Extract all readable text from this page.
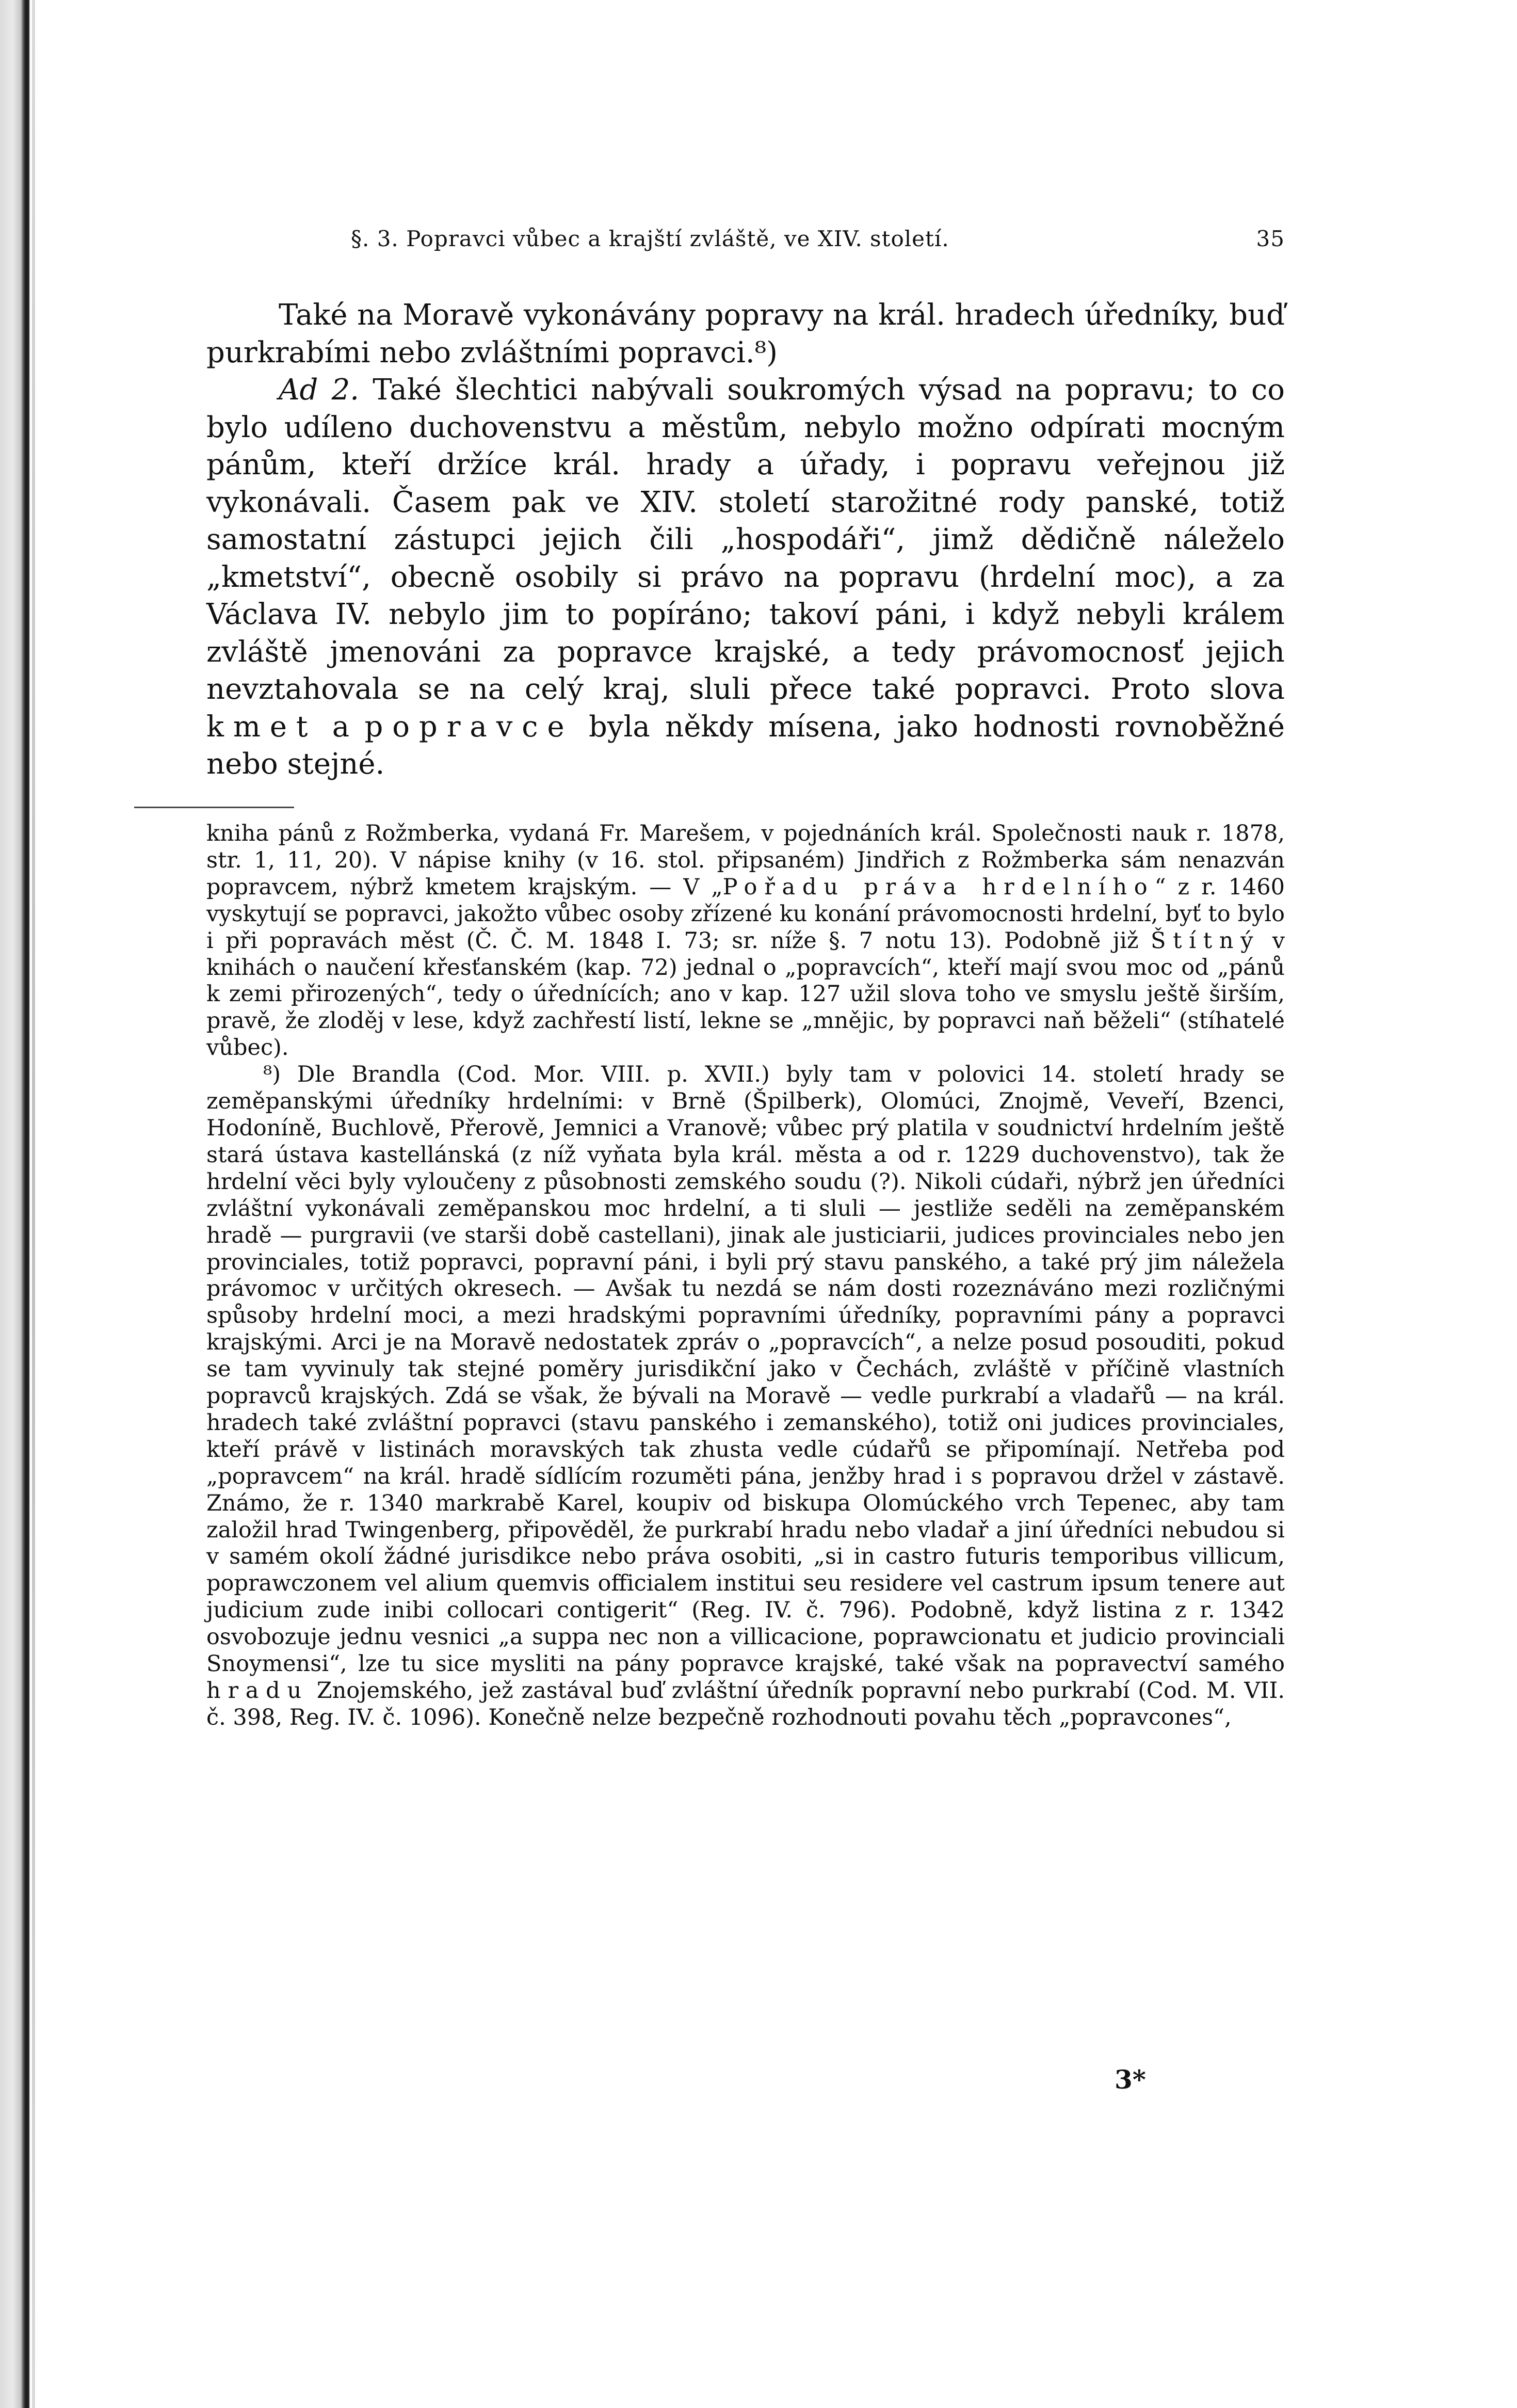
§. 3. Popravci vůbec a krajští zvláště, ve XIV. století.	35

Také na Moravě vykonávány popravy na král. hradech úředníky, buď purkrabími nebo zvláštními popravci.⁸)

Ad 2. Také šlechtici nabývali soukromých výsad na popravu; to co bylo udíleno duchovenstvu a městům, nebylo možno odpírati mocným pánům, kteří držíce král. hrady a úřady, i popravu veřejnou již vykonávali. Časem pak ve XIV. století starožitné rody panské, totiž samostatní zástupci jejich čili „hospodáři“, jimž dědičně náleželo „kmetství“, obecně osobily si právo na popravu (hrdelní moc), a za Václava IV. nebylo jim to popíráno; takoví páni, i když nebyli králem zvláště jmenováni za popravce krajské, a tedy právomocnosť jejich nevztahovala se na celý kraj, sluli přece také popravci. Proto slova kmet a popravce byla někdy mísena, jako hodnosti rovnoběžné nebo stejné.

kniha pánů z Rožmberka, vydaná Fr. Marešem, v pojednáních král. Společnosti nauk r. 1878, str. 1, 11, 20). V nápise knihy (v 16. stol. připsaném) Jindřich z Rožmberka sám nenazván popravcem, nýbrž kmetem krajským. — V „Pořadu práva hrdelního“ z r. 1460 vyskytují se popravci, jakožto vůbec osoby zřízené ku konání právomocnosti hrdelní, byť to bylo i při popravách měst (Č. Č. M. 1848 I. 73; sr. níže §. 7 notu 13). Podobně již Štítný v knihách o naučení křesťanském (kap. 72) jednal o „popravcích“, kteří mají svou moc od „pánů k zemi přirozených“, tedy o úřednících; ano v kap. 127 užil slova toho ve smyslu ještě širším, pravě, že zloděj v lese, když zachřestí listí, lekne se „mnějic, by popravci naň běželi“ (stíhatelé vůbec).

⁸) Dle Brandla (Cod. Mor. VIII. p. XVII.) byly tam v polovici 14. století hrady se zeměpanskými úředníky hrdelními: v Brně (Špilberk), Olomúci, Znojmě, Veveří, Bzenci, Hodoníně, Buchlově, Přerově, Jemnici a Vranově; vůbec prý platila v soudnictví hrdelním ještě stará ústava kastellánská (z níž vyňata byla král. města a od r. 1229 duchovenstvo), tak že hrdelní věci byly vyloučeny z působnosti zemského soudu (?). Nikoli cúdaři, nýbrž jen úředníci zvláštní vykonávali zeměpanskou moc hrdelní, a ti sluli — jestliže seděli na zeměpanském hradě — purgravii (ve starši době castellani), jinak ale justiciarii, judices provinciales nebo jen provinciales, totiž popravci, popravní páni, i byli prý stavu panského, a také prý jim náležela právomoc v určitých okresech. — Avšak tu nezdá se nám dosti rozeznáváno mezi rozličnými spůsoby hrdelní moci, a mezi hradskými popravními úředníky, popravními pány a popravci krajskými. Arci je na Moravě nedostatek zpráv o „popravcích“, a nelze posud posouditi, pokud se tam vyvinuly tak stejné poměry jurisdikční jako v Čechách, zvláště v příčině vlastních popravců krajských. Zdá se však, že bývali na Moravě — vedle purkrabí a vladařů — na král. hradech také zvláštní popravci (stavu panského i zemanského), totiž oni judices provinciales, kteří právě v listinách moravských tak zhusta vedle cúdařů se připomínají. Netřeba pod „popravcem“ na král. hradě sídlícím rozuměti pána, jenžby hrad i s popravou držel v zástavě. Známo, že r. 1340 markrabě Karel, koupiv od biskupa Olomúckého vrch Tepenec, aby tam založil hrad Twingenberg, připověděl, že purkrabí hradu nebo vladař a jiní úředníci nebudou si v samém okolí žádné jurisdikce nebo práva osobiti, „si in castro futuris temporibus villicum, poprawczonem vel alium quemvis officialem institui seu residere vel castrum ipsum tenere aut judicium zude inibi collocari contigerit“ (Reg. IV. č. 796). Podobně, když listina z r. 1342 osvobozuje jednu vesnici „a suppa nec non a villicacione, poprawcionatu et judicio provinciali Snoymensi“, lze tu sice mysliti na pány popravce krajské, také však na popravectví samého hradu Znojemského, jež zastával buď zvláštní úředník popravní nebo purkrabí (Cod. M. VII. č. 398, Reg. IV. č. 1096). Konečně nelze bezpečně rozhodnouti povahu těch „popravcones“,

3*
